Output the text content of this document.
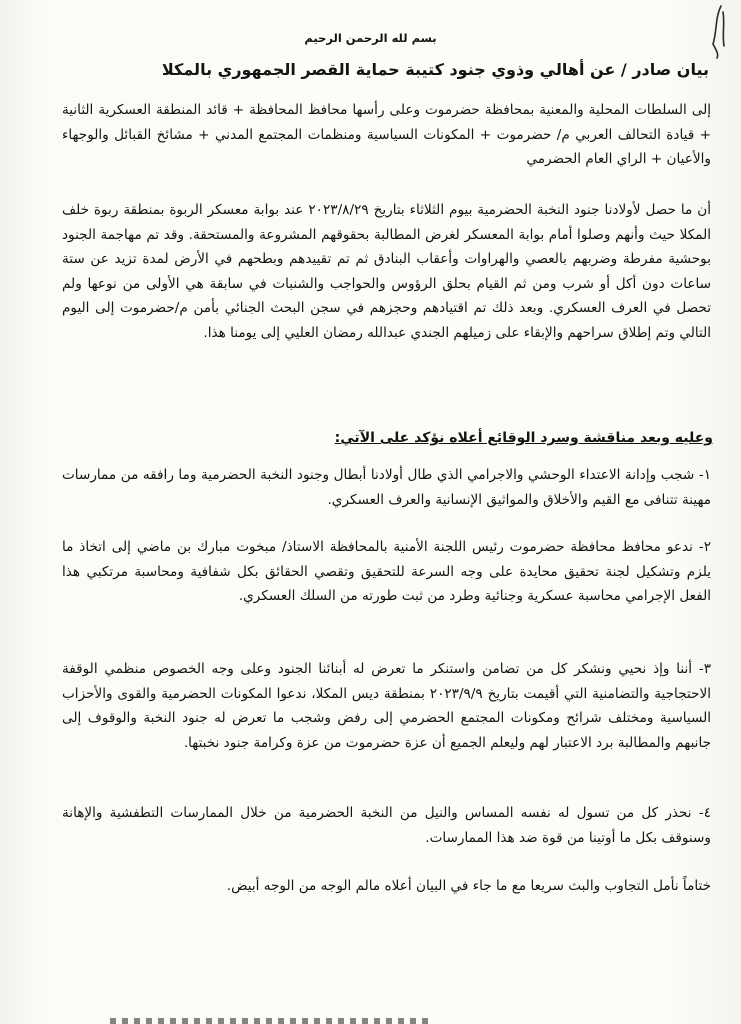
بسم لله الرحمن الرحيم
بيان صادر / عن أهالي وذوي جنود كتيبة حماية القصر الجمهوري بالمكلا

إلى السلطات المحلية والمعنية بمحافظة حضرموت وعلى رأسها محافظ المحافظة + قائد المنطقة العسكرية الثانية + قيادة التحالف العربي م/ حضرموت + المكونات السياسية ومنظمات المجتمع المدني + مشائخ القبائل والوجهاء والأعيان + الراي العام الحضرمي

أن ما حصل لأولادنا جنود النخبة الحضرمية بيوم الثلاثاء بتاريخ ٢٠٢٣/٨/٢٩ عند بوابة معسكر الربوة بمنطقة ربوة خلف المكلا حيث وأنهم وصلوا أمام بوابة المعسكر لغرض المطالبة بحقوقهم المشروعة والمستحقة. وقد تم مهاجمة الجنود بوحشية مفرطة وضربهم بالعصي والهراوات وأعقاب البنادق ثم تم تقييدهم وبطحهم في الأرض لمدة تزيد عن ستة ساعات دون أكل أو شرب ومن ثم القيام بحلق الرؤوس والحواجب والشنبات في سابقة هي الأولى من نوعها ولم تحصل في العرف العسكري. وبعد ذلك تم اقتيادهم وحجزهم في سجن البحث الجنائي بأمن م/حضرموت إلى اليوم التالي وتم إطلاق سراحهم والإبقاء على زميلهم الجندي عبدالله رمضان العليي إلى يومنا هذا.

وعليه وبعد مناقشة وسرد الوقائع أعلاه نؤكد على الآتي:

١- شجب وإدانة الاعتداء الوحشي والاجرامي الذي طال أولادنا أبطال وجنود النخبة الحضرمية وما رافقه من ممارسات مهينة تتنافى مع القيم والأخلاق والمواثيق الإنسانية والعرف العسكري.

٢- ندعو محافظ محافظة حضرموت رئيس اللجنة الأمنية بالمحافظة الاستاذ/ مبخوت مبارك بن ماضي إلى اتخاذ ما يلزم وتشكيل لجنة تحقيق محايدة على وجه السرعة للتحقيق وتقصي الحقائق بكل شفافية ومحاسبة مرتكبي هذا الفعل الإجرامي محاسبة عسكرية وجنائية وطرد من ثبت طورته من السلك العسكري.

٣- أننا وإذ نحيي ونشكر كل من تضامن واستنكر ما تعرض له أبنائنا الجنود وعلى وجه الخصوص منظمي الوقفة الاحتجاجية والتضامنية التي أقيمت بتاريخ ٢٠٢٣/٩/٩ بمنطقة ديس المكلا، ندعوا المكونات الحضرمية والقوى والأحزاب السياسية ومختلف شرائح ومكونات المجتمع الحضرمي إلى رفض وشجب ما تعرض له جنود النخبة والوقوف إلى جانبهم والمطالبة برد الاعتبار لهم وليعلم الجميع أن عزة حضرموت من عزة وكرامة جنود نخبتها.

٤- نحذر كل من تسول له نفسه المساس والنيل من النخبة الحضرمية من خلال الممارسات التطفشية والإهانة وسنوقف بكل ما أوتينا من قوة ضد هذا الممارسات.

ختاماً نأمل التجاوب والبث سريعا مع ما جاء في البيان أعلاه مالم الوجه من الوجه أبيض.
